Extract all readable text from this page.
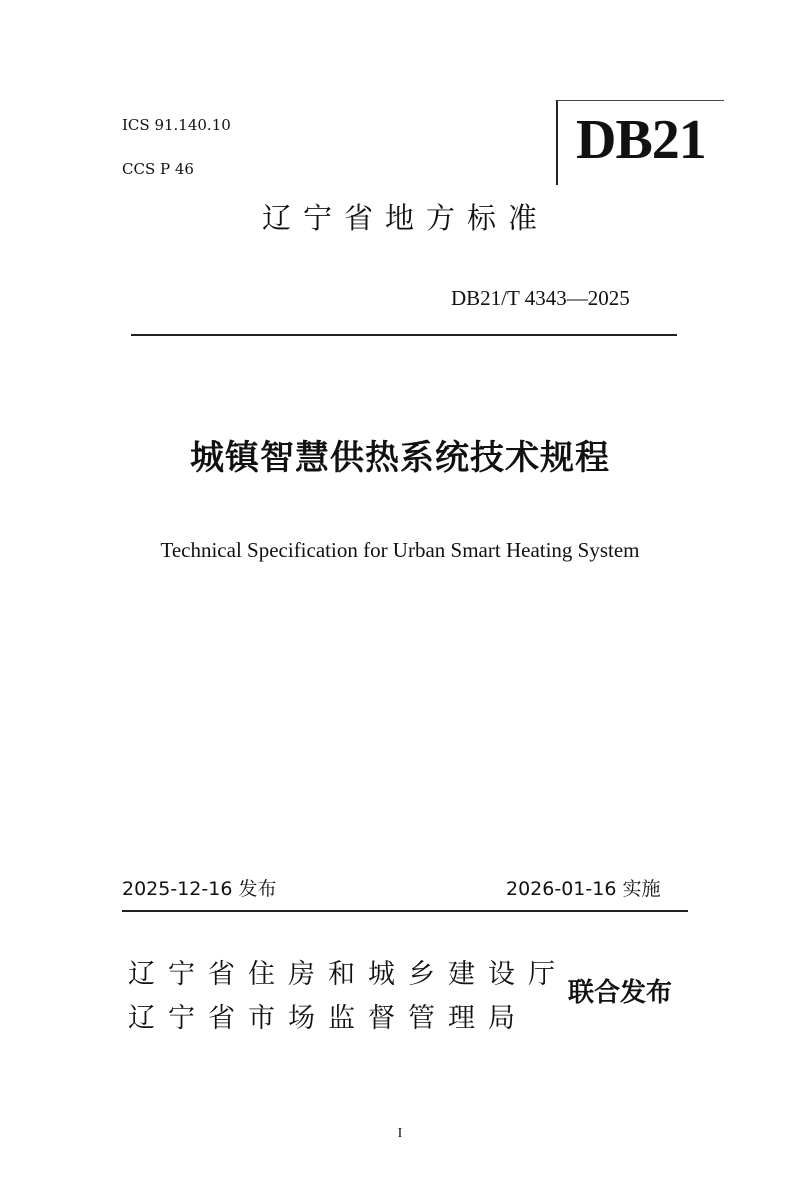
ICS 91.140.10
CCS P 46	DB21
辽宁省地方标准
DB21/T 4343—2025
城镇智慧供热系统技术规程
Technical Specification for Urban Smart Heating System
2025-12-16 发布	2026-01-16 实施
辽宁省住房和城乡建设厅
辽宁省市场监督管理局
联合发布
I
